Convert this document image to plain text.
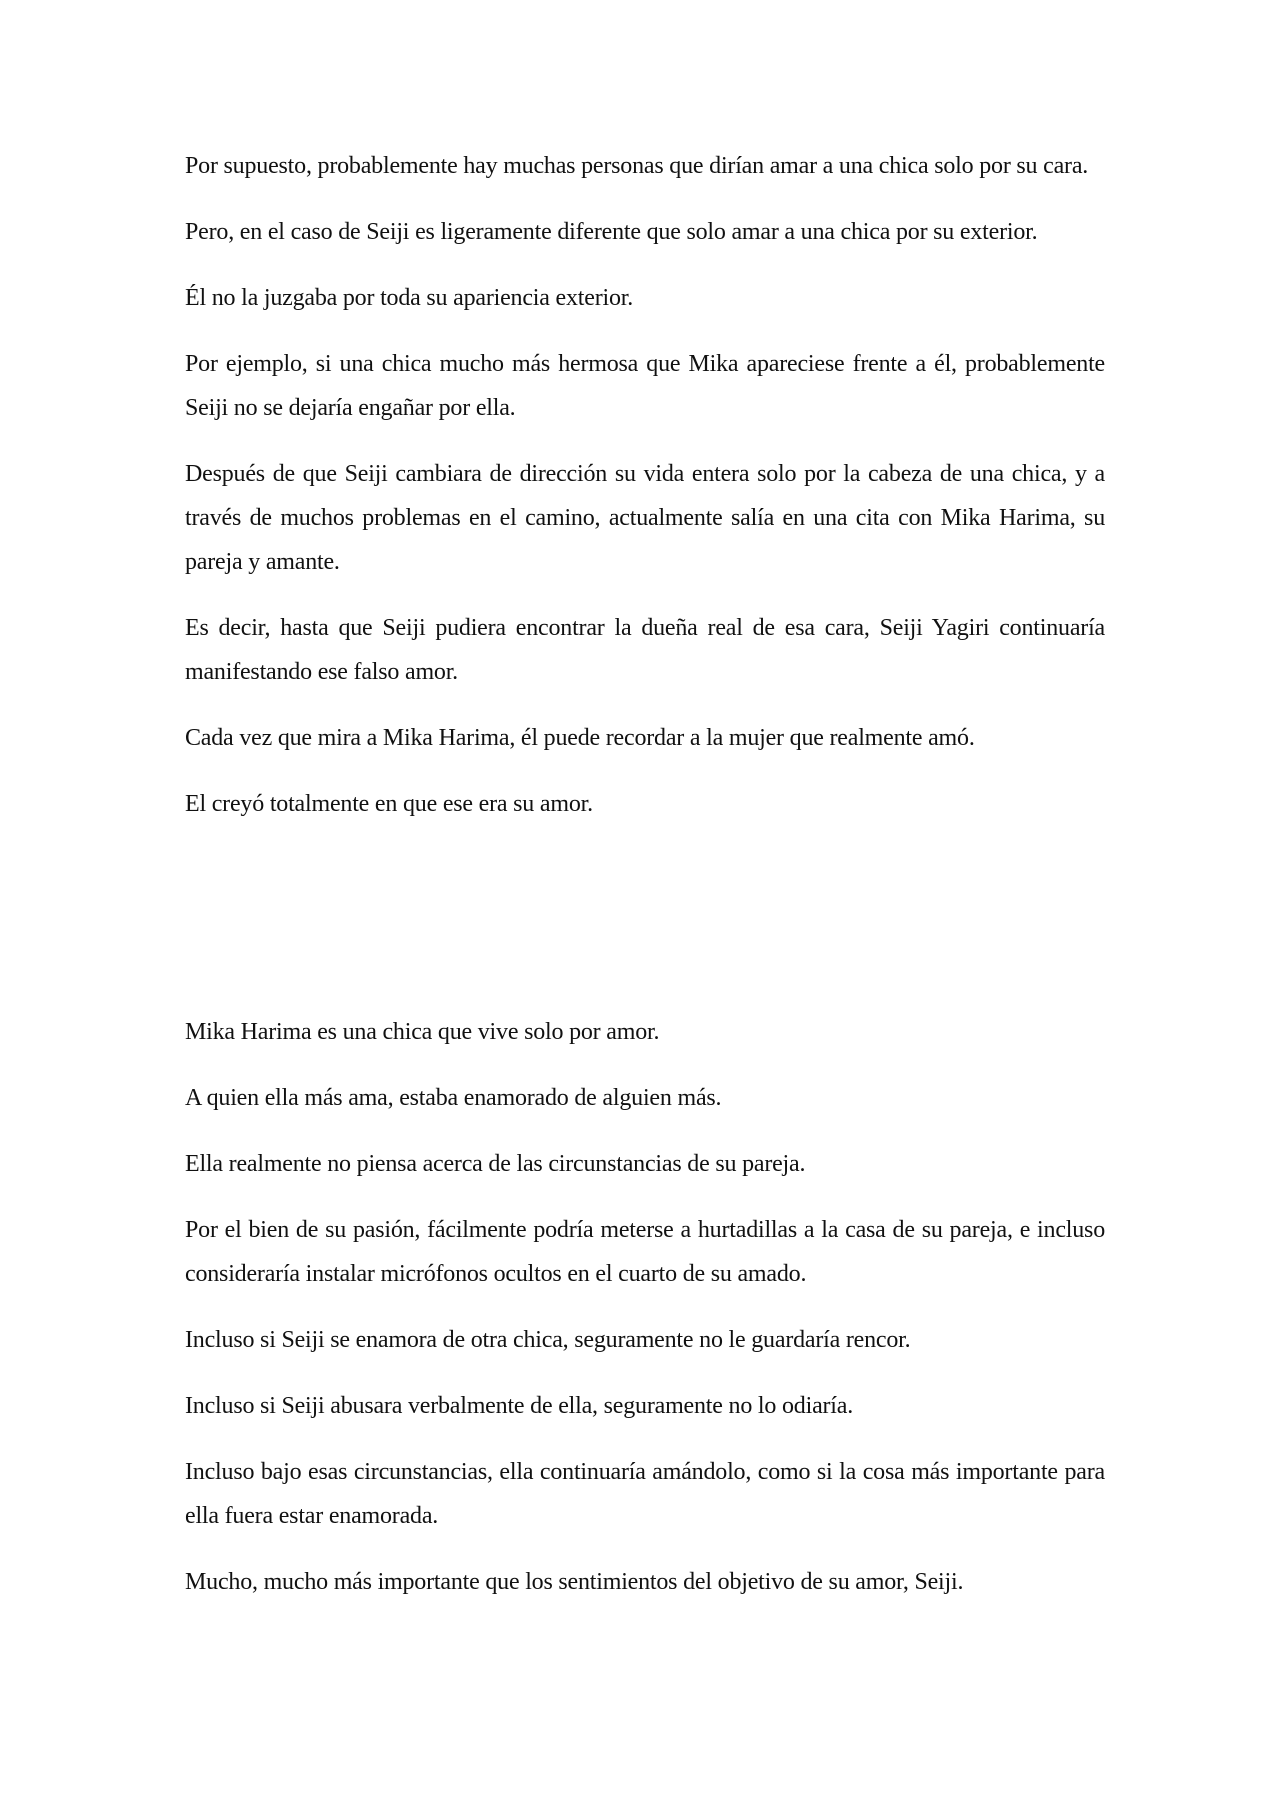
Por supuesto, probablemente hay muchas personas que dirían amar a una chica solo por su cara.

Pero, en el caso de Seiji es ligeramente diferente que solo amar a una chica por su exterior.

Él no la juzgaba por toda su apariencia exterior.

Por ejemplo, si una chica mucho más hermosa que Mika apareciese frente a él, probablemente Seiji no se dejaría engañar por ella.

Después de que Seiji cambiara de dirección su vida entera solo por la cabeza de una chica, y a través de muchos problemas en el camino, actualmente salía en una cita con Mika Harima, su pareja y amante.

Es decir, hasta que Seiji pudiera encontrar la dueña real de esa cara, Seiji Yagiri continuaría manifestando ese falso amor.

Cada vez que mira a Mika Harima, él puede recordar a la mujer que realmente amó.

El creyó totalmente en que ese era su amor.

Mika Harima es una chica que vive solo por amor.

A quien ella más ama, estaba enamorado de alguien más.

Ella realmente no piensa acerca de las circunstancias de su pareja.

Por el bien de su pasión, fácilmente podría meterse a hurtadillas a la casa de su pareja, e incluso consideraría instalar micrófonos ocultos en el cuarto de su amado.

Incluso si Seiji se enamora de otra chica, seguramente no le guardaría rencor.

Incluso si Seiji abusara verbalmente de ella, seguramente no lo odiaría.

Incluso bajo esas circunstancias, ella continuaría amándolo, como si la cosa más importante para ella fuera estar enamorada.

Mucho, mucho más importante que los sentimientos del objetivo de su amor, Seiji.
